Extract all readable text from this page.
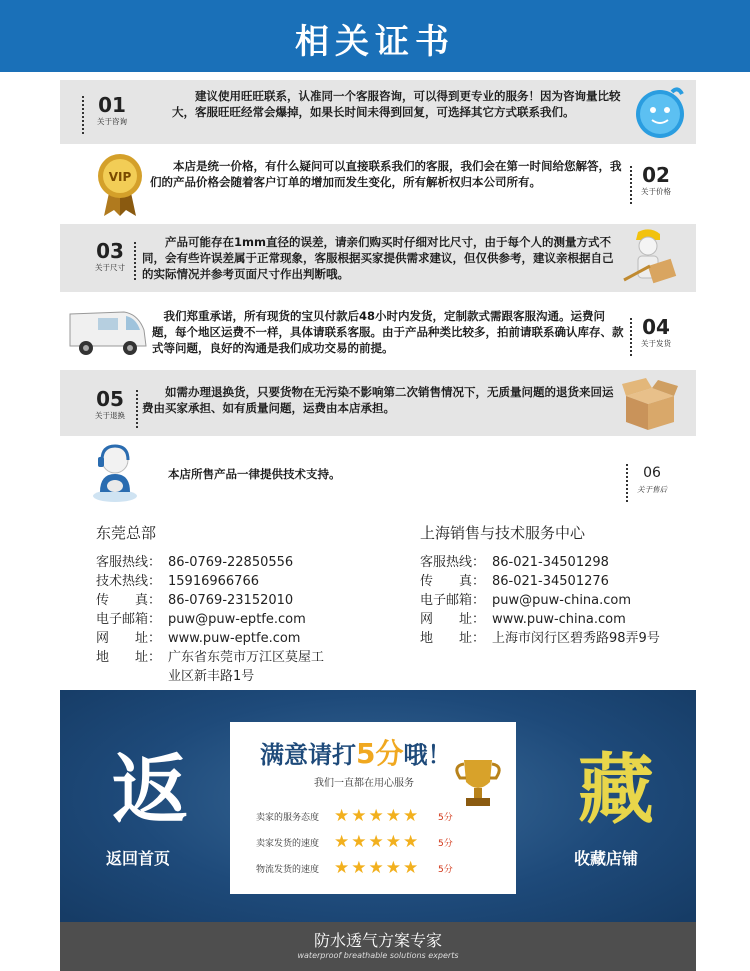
相关证书
01
关于咨询
建议使用旺旺联系，认准同一个客服咨询，可以得到更专业的服务！因为咨询量比较大，客服旺旺经常会爆掉，如果长时间未得到回复，可选择其它方式联系我们。
VIP
本店是统一价格，有什么疑问可以直接联系我们的客服，我们会在第一时间给您解答，我们的产品价格会随着客户订单的增加而发生变化，所有解析权归本公司所有。	02
关于价格
03
关于尺寸
产品可能存在1mm直径的误差，请亲们购买时仔细对比尺寸，由于每个人的测量方式不同，会有些许误差属于正常现象，客服根据买家提供需求建议，但仅供参考，建议亲根据自己的实际情况并参考页面尺寸作出判断哦。
我们郑重承诺，所有现货的宝贝付款后48小时内发货，定制款式需跟客服沟通。运费问题，每个地区运费不一样，具体请联系客服。由于产品种类比较多，拍前请联系确认库存、款式等问题，良好的沟通是我们成功交易的前提。
04
关于发货
05
关于退换
如需办理退换货，只要货物在无污染不影响第二次销售情况下，无质量问题的退货来回运费由买家承担、如有质量问题，运费由本店承担。
本店所售产品一律提供技术支持。	06
关于售后
东莞总部
客服热线： 86-0769-22850556
技术热线： 15916966766
传　　真： 86-0769-23152010
电子邮箱： puw@puw-eptfe.com
网　　址： www.puw-eptfe.com
地　　址： 广东省东莞市万江区莫屋工
业区新丰路1号
上海销售与技术服务中心
客服热线： 86-021-34501298
传　　真： 86-021-34501276
电子邮箱： puw@puw-china.com
网　　址： www.puw-china.com
地　　址： 上海市闵行区碧秀路98弄9号
返
返回首页
藏
收藏店铺
满意请打5分哦！
我们一直都在用心服务
卖家的服务态度 ★★★★★	5分
卖家发货的速度 ★★★★★	5分
物流发货的速度 ★★★★★	5分
防水透气方案专家
waterproof breathable solutions experts
